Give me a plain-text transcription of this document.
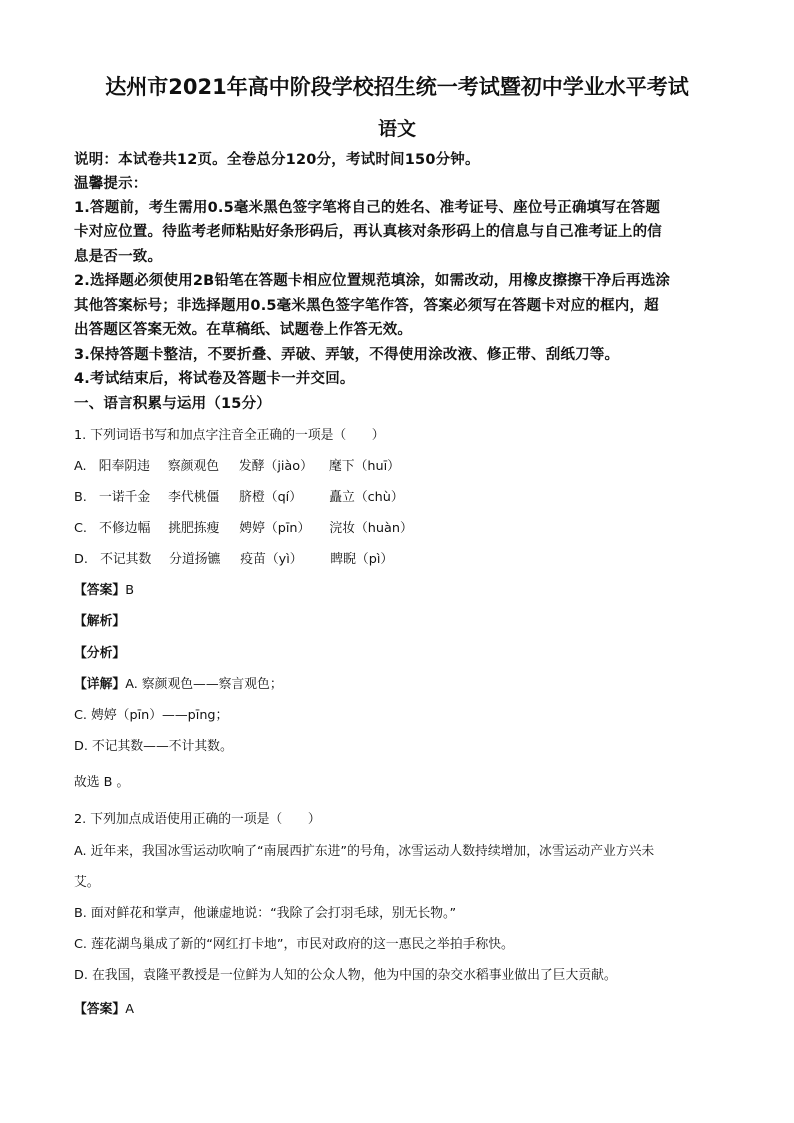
达州市2021年高中阶段学校招生统一考试暨初中学业水平考试
语文
说明：本试卷共12页。全卷总分120分，考试时间150分钟。
温馨提示：
1.答题前，考生需用0.5毫米黑色签字笔将自己的姓名、准考证号、座位号正确填写在答题
卡对应位置。待监考老师粘贴好条形码后，再认真核对条形码上的信息与自己准考证上的信
息是否一致。
2.选择题必须使用2B铅笔在答题卡相应位置规范填涂，如需改动，用橡皮擦擦干净后再选涂
其他答案标号；非选择题用0.5毫米黑色签字笔作答，答案必须写在答题卡对应的框内，超
出答题区答案无效。在草稿纸、试题卷上作答无效。
3.保持答题卡整洁，不要折叠、弄破、弄皱，不得使用涂改液、修正带、刮纸刀等。
4.考试结束后，将试卷及答题卡一并交回。
一、语言积累与运用（15分）
1. 下列词语书写和加点字注音全正确的一项是（　　）
A. 阳奉阴违 察颜观色 发酵（jiào） 麾下（huī）
B. 一诺千金 李代桃僵 脐橙（qí） 矗立（chù）
C. 不修边幅 挑肥拣瘦 娉婷（pīn） 浣妆（huàn）
D. 不记其数 分道扬镳 疫苗（yì） 睥睨（pì）
【答案】B
【解析】
【分析】
【详解】A. 察颜观色——察言观色；
C. 娉婷（pīn）——pīng；
D. 不记其数——不计其数。
故选 B 。
2. 下列加点成语使用正确的一项是（　　）
A. 近年来，我国冰雪运动吹响了“南展西扩东进”的号角，冰雪运动人数持续增加，冰雪运动产业方兴未
艾。
B. 面对鲜花和掌声，他谦虚地说：“我除了会打羽毛球，别无长物。”
C. 莲花湖鸟巢成了新的“网红打卡地”，市民对政府的这一惠民之举拍手称快。
D. 在我国，袁隆平教授是一位鲜为人知的公众人物，他为中国的杂交水稻事业做出了巨大贡献。
【答案】A
